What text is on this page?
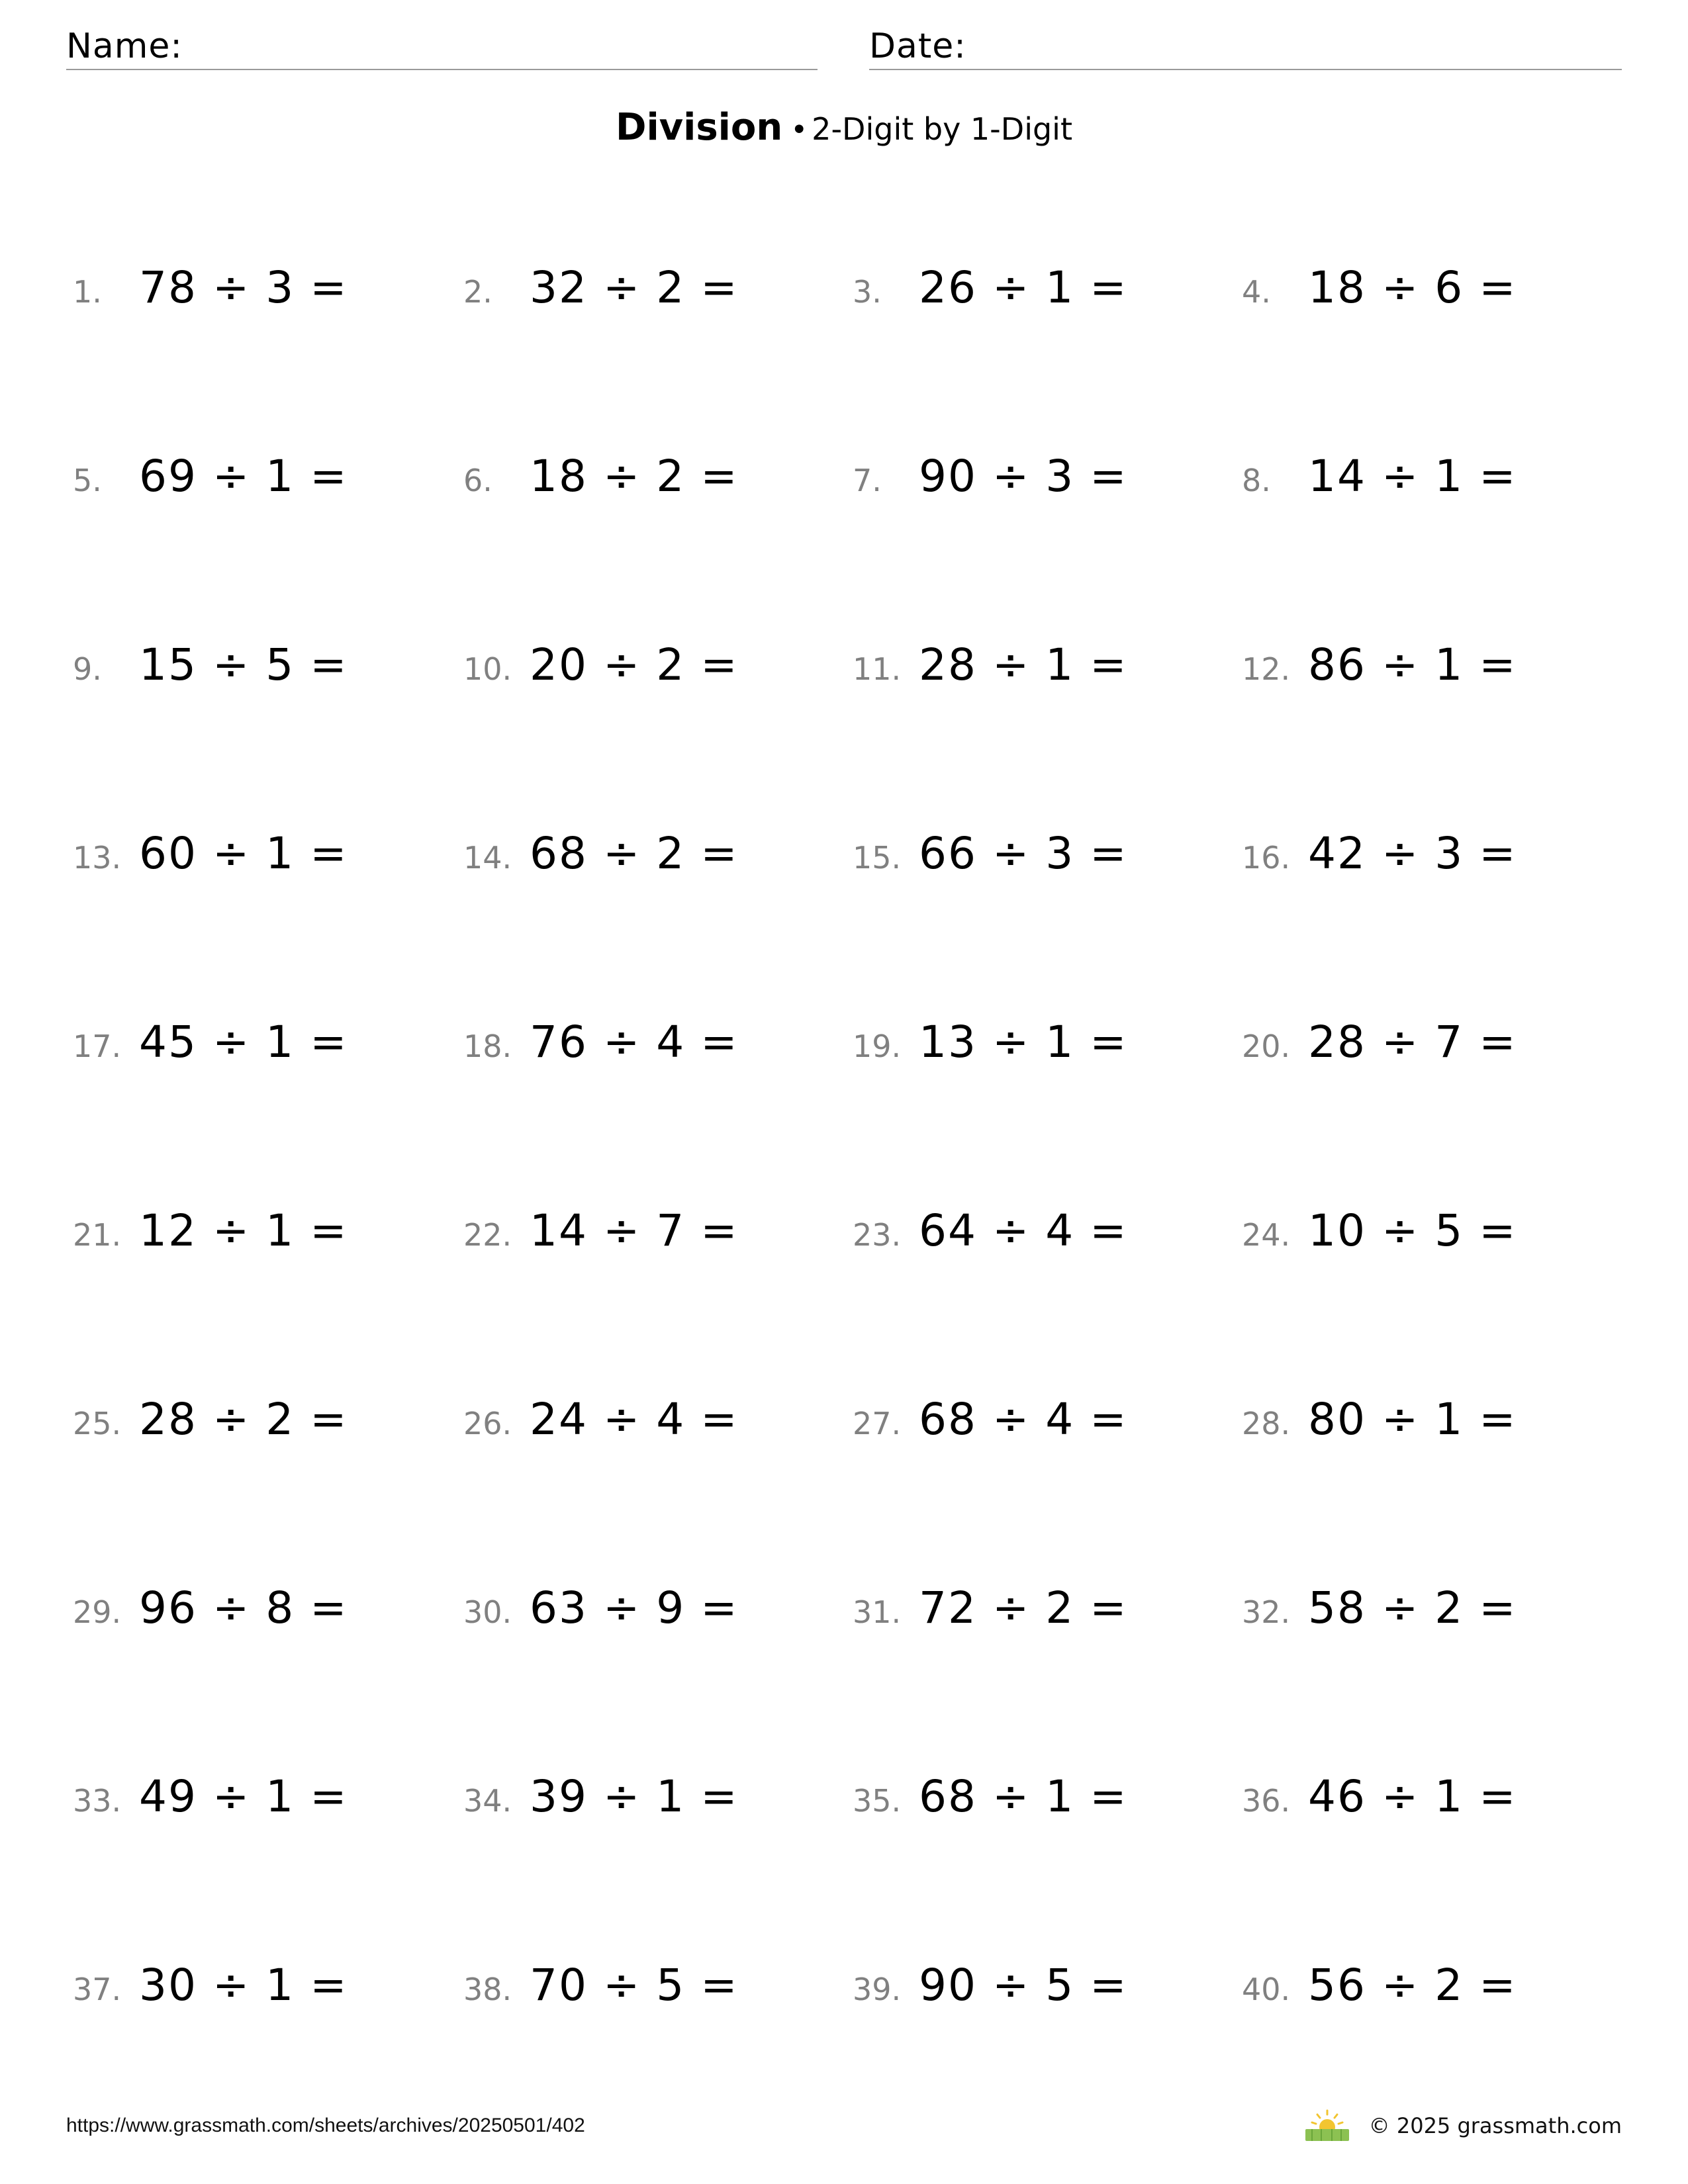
Name:	Date:
Division • 2-Digit by 1-Digit
1. 78 ÷ 3 =	2. 32 ÷ 2 =	3. 26 ÷ 1 =	4. 18 ÷ 6 =
5. 69 ÷ 1 =	6. 18 ÷ 2 =	7. 90 ÷ 3 =	8. 14 ÷ 1 =
9. 15 ÷ 5 =	10. 20 ÷ 2 =	11. 28 ÷ 1 =	12. 86 ÷ 1 =
13. 60 ÷ 1 =	14. 68 ÷ 2 =	15. 66 ÷ 3 =	16. 42 ÷ 3 =
17. 45 ÷ 1 =	18. 76 ÷ 4 =	19. 13 ÷ 1 =	20. 28 ÷ 7 =
21. 12 ÷ 1 =	22. 14 ÷ 7 =	23. 64 ÷ 4 =	24. 10 ÷ 5 =
25. 28 ÷ 2 =	26. 24 ÷ 4 =	27. 68 ÷ 4 =	28. 80 ÷ 1 =
29. 96 ÷ 8 =	30. 63 ÷ 9 =	31. 72 ÷ 2 =	32. 58 ÷ 2 =
33. 49 ÷ 1 =	34. 39 ÷ 1 =	35. 68 ÷ 1 =	36. 46 ÷ 1 =
37. 30 ÷ 1 =	38. 70 ÷ 5 =	39. 90 ÷ 5 =	40. 56 ÷ 2 =
https://www.grassmath.com/sheets/archives/20250501/402	© 2025 grassmath.com
